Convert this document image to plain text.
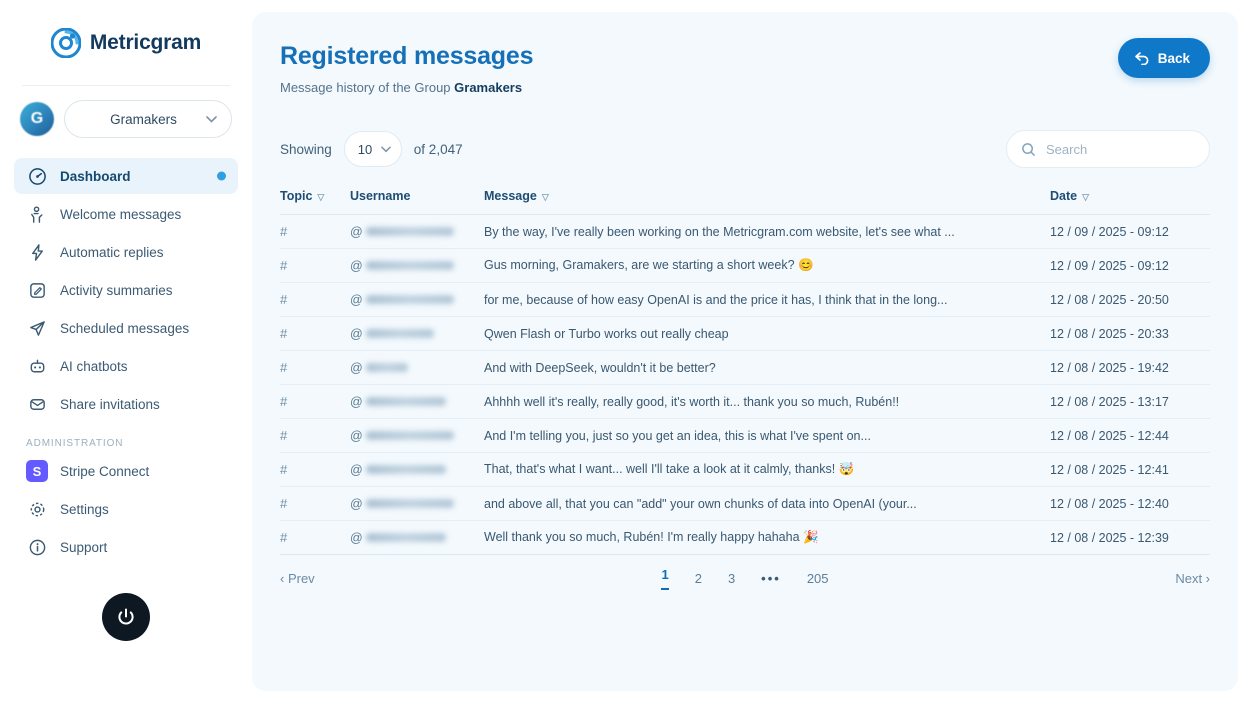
Metricgram
G	Gramakers
Dashboard
Welcome messages
Automatic replies
Activity summaries
Scheduled messages
AI chatbots
Share invitations
ADMINISTRATION
S	Stripe Connect
Settings
Support
Registered messages

Message history of the Group Gramakers

Back
Showing 10	of 2,047
Search
Topic ▽	Username	Message ▽	Date ▽
#	@	By the way, I've really been working on the Metricgram.com website, let's see what ...	12 / 09 / 2025 - 09:12
#	@	Gus morning, Gramakers, are we starting a short week? 😊	12 / 09 / 2025 - 09:12
#	@	for me, because of how easy OpenAI is and the price it has, I think that in the long...	12 / 08 / 2025 - 20:50
#	@	Qwen Flash or Turbo works out really cheap	12 / 08 / 2025 - 20:33
#	@	And with DeepSeek, wouldn't it be better?	12 / 08 / 2025 - 19:42
#	@	Ahhhh well it's really, really good, it's worth it... thank you so much, Rubén!!	12 / 08 / 2025 - 13:17
#	@	And I'm telling you, just so you get an idea, this is what I've spent on...	12 / 08 / 2025 - 12:44
#	@	That, that's what I want... well I'll take a look at it calmly, thanks! 🤯	12 / 08 / 2025 - 12:41
#	@	and above all, that you can "add" your own chunks of data into OpenAI (your...	12 / 08 / 2025 - 12:40
#	@	Well thank you so much, Rubén! I'm really happy hahaha 🎉	12 / 08 / 2025 - 12:39
‹ Prev	1 2 3 ••• 205	Next ›
